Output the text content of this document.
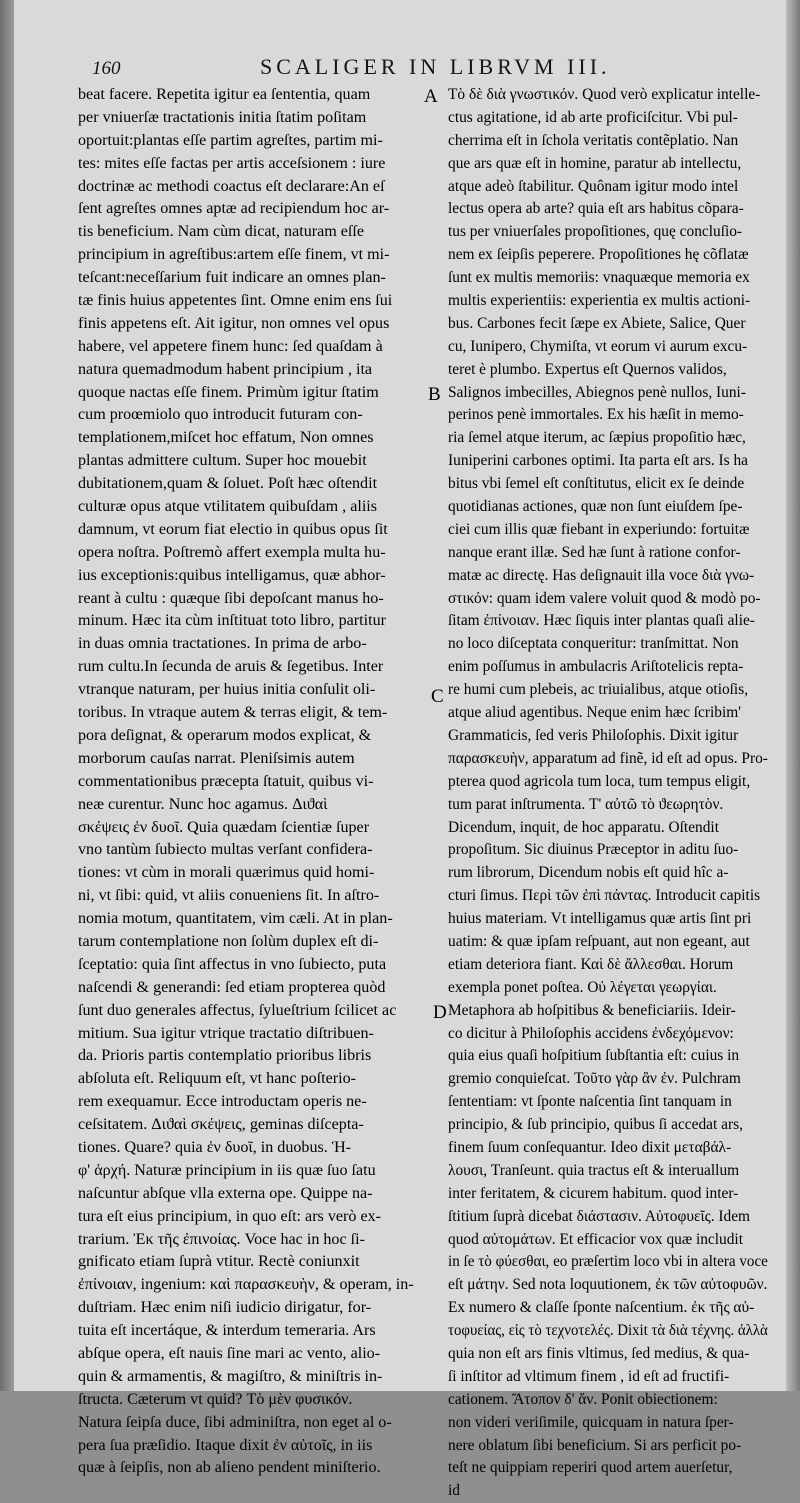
160	SCALIGER IN LIBRVM III.
beat facere. Repetita igitur ea ſententia, quam
per vniuerſæ tractationis initia ſtatim poſitam
oportuit:plantas eſſe partim agreſtes, partim mi-
tes: mites eſſe factas per artis acceſsionem : iure
doctrinæ ac methodi coactus eſt declarare:An eſ
ſent agreſtes omnes aptæ ad recipiendum hoc ar-
tis beneficium. Nam cùm dicat, naturam eſſe
principium in agreſtibus:artem eſſe finem, vt mi-
teſcant:neceſſarium fuit indicare an omnes plan-
tæ finis huius appetentes ſint. Omne enim ens ſui
finis appetens eſt. Ait igitur, non omnes vel opus
habere, vel appetere finem hunc: ſed quaſdam à
natura quemadmodum habent principium , ita
quoque nactas eſſe finem. Primùm igitur ſtatim
cum proœmiolo quo introducit futuram con-
templationem,miſcet hoc effatum, Non omnes
plantas admittere cultum. Super hoc mouebit
dubitationem,quam & ſoluet. Poſt hæc oſtendit
culturæ opus atque vtilitatem quibuſdam , aliis
damnum, vt eorum fiat electio in quibus opus ſit
opera noſtra. Poſtremò affert exempla multa hu-
ius exceptionis:quibus intelligamus, quæ abhor-
reant à cultu : quæque ſibi depoſcant manus ho-
minum. Hæc ita cùm inſtituat toto libro, partitur
in duas omnia tractationes. In prima de arbo-
rum cultu.In ſecunda de aruis & ſegetibus. Inter
vtranque naturam, per huius initia conſulit oli-
toribus. In vtraque autem & terras eligit, & tem-
pora deſignat, & operarum modos explicat, &
morborum cauſas narrat. Pleniſsimis autem
commentationibus præcepta ſtatuit, quibus vi-
neæ curentur. Nunc hoc agamus. Διϑαὶ
σκέψεις ἐν δυοῖ. Quia quædam ſcientiæ ſuper
vno tantùm ſubiecto multas verſant confidera-
tiones: vt cùm in morali quærimus quid homi-
ni, vt ſibi: quid, vt aliis conueniens ſit. In aſtro-
nomia motum, quantitatem, vim cæli. At in plan-
tarum contemplatione non ſolùm duplex eſt di-
ſceptatio: quia ſint affectus in vno ſubiecto, puta
naſcendi & generandi: ſed etiam propterea quòd
ſunt duo generales affectus, ſylueſtrium ſcilicet ac
mitium. Sua igitur vtrique tractatio diſtribuen-
da. Prioris partis contemplatio prioribus libris
abſoluta eſt. Reliquum eſt, vt hanc poſterio-
rem exequamur. Ecce introductam operis ne-
ceſsitatem. Διϑαὶ σκέψεις, geminas diſcepta-
tiones. Quare? quia ἐν δυοῖ, in duobus. Ἡ-
φ' ἀρχή. Naturæ principium in iis quæ ſuo ſatu
naſcuntur abſque vlla externa ope. Quippe na-
tura eſt eius principium, in quo eſt: ars verò ex-
trarium. Ἐκ τῆς ἐπινοίας. Voce hac in hoc ſi-
gnificato etiam ſuprà vtitur. Rectè coniunxit
ἐπίνοιαν, ingenium: καὶ παρασκευὴν, & operam, in-
duſtriam. Hæc enim niſi iudicio dirigatur, for-
tuita eſt incertáque, & interdum temeraria. Ars
abſque opera, eſt nauis ſine mari ac vento, alio-
quin & armamentis, & magiſtro, & miniſtris in-
ſtructa. Cæterum vt quid? Τὸ μὲν φυσικόν.
Natura ſeipſa duce, ſibi adminiſtra, non eget al o-
pera ſua præſidio. Itaque dixit ἐν αὐτοῖς, in iis
quæ à ſeipſis, non ab alieno pendent miniſterio.
Τὸ δὲ διὰ γνωστικόν. Quod verò explicatur intelle-
ctus agitatione, id ab arte proficiſcitur. Vbi pul-
cherrima eſt in ſchola veritatis contẽplatio. Nan
que ars quæ eſt in homine, paratur ab intellectu,
atque adeò ſtabilitur. Quônam igitur modo intel
lectus opera ab arte? quia eſt ars habitus cõpara-
tus per vniuerſales propoſitiones, quę concluſio-
nem ex ſeipſis peperere. Propoſitiones hę cõflatæ
ſunt ex multis memoriis: vnaquæque memoria ex
multis experientiis: experientia ex multis actioni-
bus. Carbones fecit ſæpe ex Abiete, Salice, Quer
cu, Iunipero, Chymiſta, vt eorum vi aurum excu-
teret è plumbo. Expertus eſt Quernos validos,
Salignos imbecilles, Abiegnos penè nullos, Iuni-
perinos penè immortales. Ex his hæſit in memo-
ria ſemel atque iterum, ac ſæpius propoſitio hæc,
Iuniperini carbones optimi. Ita parta eſt ars. Is ha
bitus vbi ſemel eſt conſtitutus, elicit ex ſe deinde
quotidianas actiones, quæ non ſunt eiuſdem ſpe-
ciei cum illis quæ fiebant in experiundo: fortuitæ
nanque erant illæ. Sed hæ ſunt à ratione confor-
matæ ac directę. Has deſignauit illa voce διὰ γνω-
στικόν: quam idem valere voluit quod & modò po-
ſitam ἐπίνοιαν. Hæc ſiquis inter plantas quaſi alie-
no loco diſceptata conqueritur: tranſmittat. Non
enim poſſumus in ambulacris Ariſtotelicis repta-
re humi cum plebeis, ac triuialibus, atque otioſis,
atque aliud agentibus. Neque enim hæc ſcribim'
Grammaticis, ſed veris Philoſophis. Dixit igitur
παρασκευὴν, apparatum ad finẽ, id eſt ad opus. Pro-
pterea quod agricola tum loca, tum tempus eligit,
tum parat inſtrumenta. Τ' αὐτῶ τὸ ϑεωρητὸν.
Dicendum, inquit, de hoc apparatu. Oſtendit
propoſitum. Sic diuinus Præceptor in aditu ſuo-
rum librorum, Dicendum nobis eſt quid hîc a-
cturi ſimus. Περὶ τῶν ἐπὶ πάντας. Introducit capitis
huius materiam. Vt intelligamus quæ artis ſint pri
uatim: & quæ ipſam reſpuant, aut non egeant, aut
etiam deteriora fiant. Καὶ δὲ ἄλλεσθαι. Horum
exempla ponet poſtea. Οὐ λέγεται γεωργίαι.
Metaphora ab hoſpitibus & beneficiariis. Ideir-
co dicitur à Philoſophis accidens ἐνδεχόμενον:
quia eius quaſi hoſpitium ſubſtantia eſt: cuius in
gremio conquieſcat. Τοῦτο γὰρ ἂν ἐν. Pulchram
ſententiam: vt ſponte naſcentia ſint tanquam in
principio, & ſub principio, quibus ſi accedat ars,
finem ſuum conſequantur. Ideo dixit μεταβάλ-
λουσι, Tranſeunt. quia tractus eſt & interuallum
inter feritatem, & cicurem habitum. quod inter-
ſtitium ſuprà dicebat διάστασιν. Αὐτοφυεῖς. Idem
quod αὐτομάτων. Et efficacior vox quæ includit
in ſe τὸ φύεσθαι, eo præſertim loco vbi in altera voce
eſt μάτην. Sed nota loquutionem, ἐκ τῶν αὐτοφυῶν.
Ex numero & claſſe ſponte naſcentium. ἐκ τῆς αὐ-
τοφυείας, εἰς τὸ τεχνοτελές. Dixit τὰ διὰ τέχνης. ἀλλὰ
quia non eſt ars finis vltimus, ſed medius, & qua-
ſi inſtitor ad vltimum finem , id eſt ad fructifi-
cationem. Ἄτοπον δ' ἄν. Ponit obiectionem:
non videri veriſimile, quicquam in natura ſper-
nere oblatum ſibi beneficium. Si ars perficit po-
teſt ne quippiam reperiri quod artem auerſetur,
id
A
B
C
D
